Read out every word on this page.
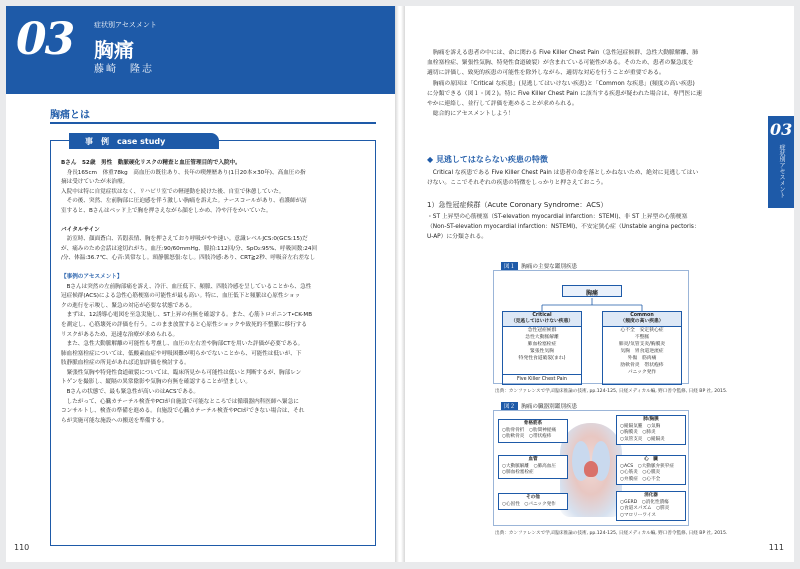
03	症状別アセスメント
胸痛
藤崎　隆志
胸痛とは
事　例　case study

Bさん　52歳　男性　動脈硬化リスクの精査と血圧管理目的で入院中。

　身長165cm　体重78kg　高血圧の既往あり、長年の喫煙歴あり(1日20本×30年)、高血圧の指

摘は受けていたが未治療。

入院中は特に自覚症状はなく、リハビリ室での軽運動を続けた後、自室で休憩していた。

　その後、突然、左前胸部に圧迫感を伴う激しい胸痛を訴えた。ナースコールがあり、看護師が訪

室すると、Bさんはベッド上で胸を押さえながら顔をしかめ、冷や汗をかいていた。

バイタルサイン

　訪室時、顔面蒼白、苦悶表情、胸を押さえており呼吸がやや速い。意識レベルJCS:0(GCS:15)だ

が、痛みのため会話は途切れがち。血圧:90/60mmHg、脈拍:112回/分、SpO₂:95%、呼吸回数:24回

/分、体温:36.7℃、心音:異常なし。頸静脈怒張:なし。四肢冷感:あり、CRT≧2秒、呼吸音左右差なし

【事例のアセスメント】

　Bさんは突然の左前胸部痛を訴え、冷汗、血圧低下、頻脈、四肢冷感を呈していることから、急性

冠症候群(ACS)による急性心筋梗塞の可能性が最も高い。特に、血圧低下と頻脈は心原性ショッ

クの進行を示唆し、緊急の対応が必要な状態である。

　まずは、12誘導心電図を至急実施し、ST上昇の有無を確認する。また、心筋トロポニンT•CK-MB

を測定し、心筋壊死の評価を行う。このまま放置すると心原性ショックや致死的不整脈に移行する

リスクがあるため、迅速な治療が求められる。

　また、急性大動脈解離の可能性も考慮し、血圧の左右差や胸部CTを用いた評価が必要である。

肺血栓塞栓症については、低酸素血症や呼吸困難が明らかでないことから、可能性は低いが、下

肢静脈血栓症の所見があれば追加評価を検討する。

　緊張性気胸や特発性食道破裂については、臨床所見から可能性は低いと判断するが、胸部レン

トゲンを撮影し、縦隔の異常陰影や気胸の有無を確認することが望ましい。

　Bさんの状態で、最も緊急性が高いのはACSである。

　したがって、心臓カテーテル検査やPCIが自施設で可能なところでは循環器内科医師へ緊急に

コンサルトし、検査の準備を進める。自施設で心臓カテーテル検査やPCIができない場合は、それ

らが実施可能な施設への搬送を準備する。

110

胸痛を訴える患者の中には、命に関わる Five Killer Chest Pain（急性冠症候群、急性大動脈解離、肺

血栓塞栓症、緊張性気胸、特発性食道破裂）が含まれている可能性がある。そのため、患者の緊急度を

適切に評価し、致死的疾患の可能性を除外しながら、適切な対応を行うことが重要である。

　胸痛の原因は「Critical な疾患」(見逃してはいけない疾患)と「Common な疾患」(頻度の高い疾患)

に分類できる（図１・図２)。特に Five Killer Chest Pain に該当する疾患が疑われた場合は、専門医に速

やかに連絡し、並行して評価を進めることが求められる。

　総合的にアセスメントしよう！

03
症状別アセスメント
◆ 見逃してはならない疾患の特徴

　Critical な疾患である Five Killer Chest Pain は患者の命を落としかねないため、絶対に見逃してはい

けない。ここでそれぞれの疾患の特徴をしっかりと押さえておこう。

1）急性冠症候群（Acute Coronary Syndrome：ACS）

・ST 上昇型の心筋梗塞（ST-elevation myocardial infarction：STEMI)、非 ST 上昇型の心筋梗塞

（Non-ST-elevation myocardial infarction：NSTEMI)、不安定狭心症（Unstable angina pectoris：

U-AP）に分類される。

図１ 胸痛の主要な鑑別疾患
胸痛
Critical
（見逃してはいけない疾患）
急性冠症候群
急性大動脈解離
肺血栓塞栓症
緊張性気胸
特発性食道破裂(まれ)
Five Killer Chest Pain
Common
（頻度の高い疾患）
心不全　安定狭心症
不整脈
肺炎/気管支炎/胸膜炎
気胸　胃食道逆流症
外傷　筋肉痛
肋軟骨炎　帯状疱疹
パニック発作
出典：カンファレンスで学ぶ臨床推論の技術, pp.124-125, 日経メディカル編, 野口善令監修, 日経 BP 社, 2015.
図２ 胸痛の臓器別鑑別疾患
骨格筋系
○肋骨骨折　○肋間神経痛
○肋軟骨炎　○帯状疱疹
血管
○大動脈解離　○肺高血圧
○肺血栓塞栓症
その他
○心因性　○パニック発作
肺/胸膜
○縦隔気腫　○気胸
○胸膜炎　○肺炎
○気管支炎　○縦隔炎
心　臓
○ACS　○大動脈弁狭窄症
○心筋炎　○心膜炎
○弁膜症　○心不全
消化器
○GERD　○消化性潰瘍
○食道スパズム　○膵炎
○マロリーワイス
出典：カンファレンスで学ぶ臨床推論の技術, pp.124-125, 日経メディカル編, 野口善令監修, 日経 BP 社, 2015.
111
